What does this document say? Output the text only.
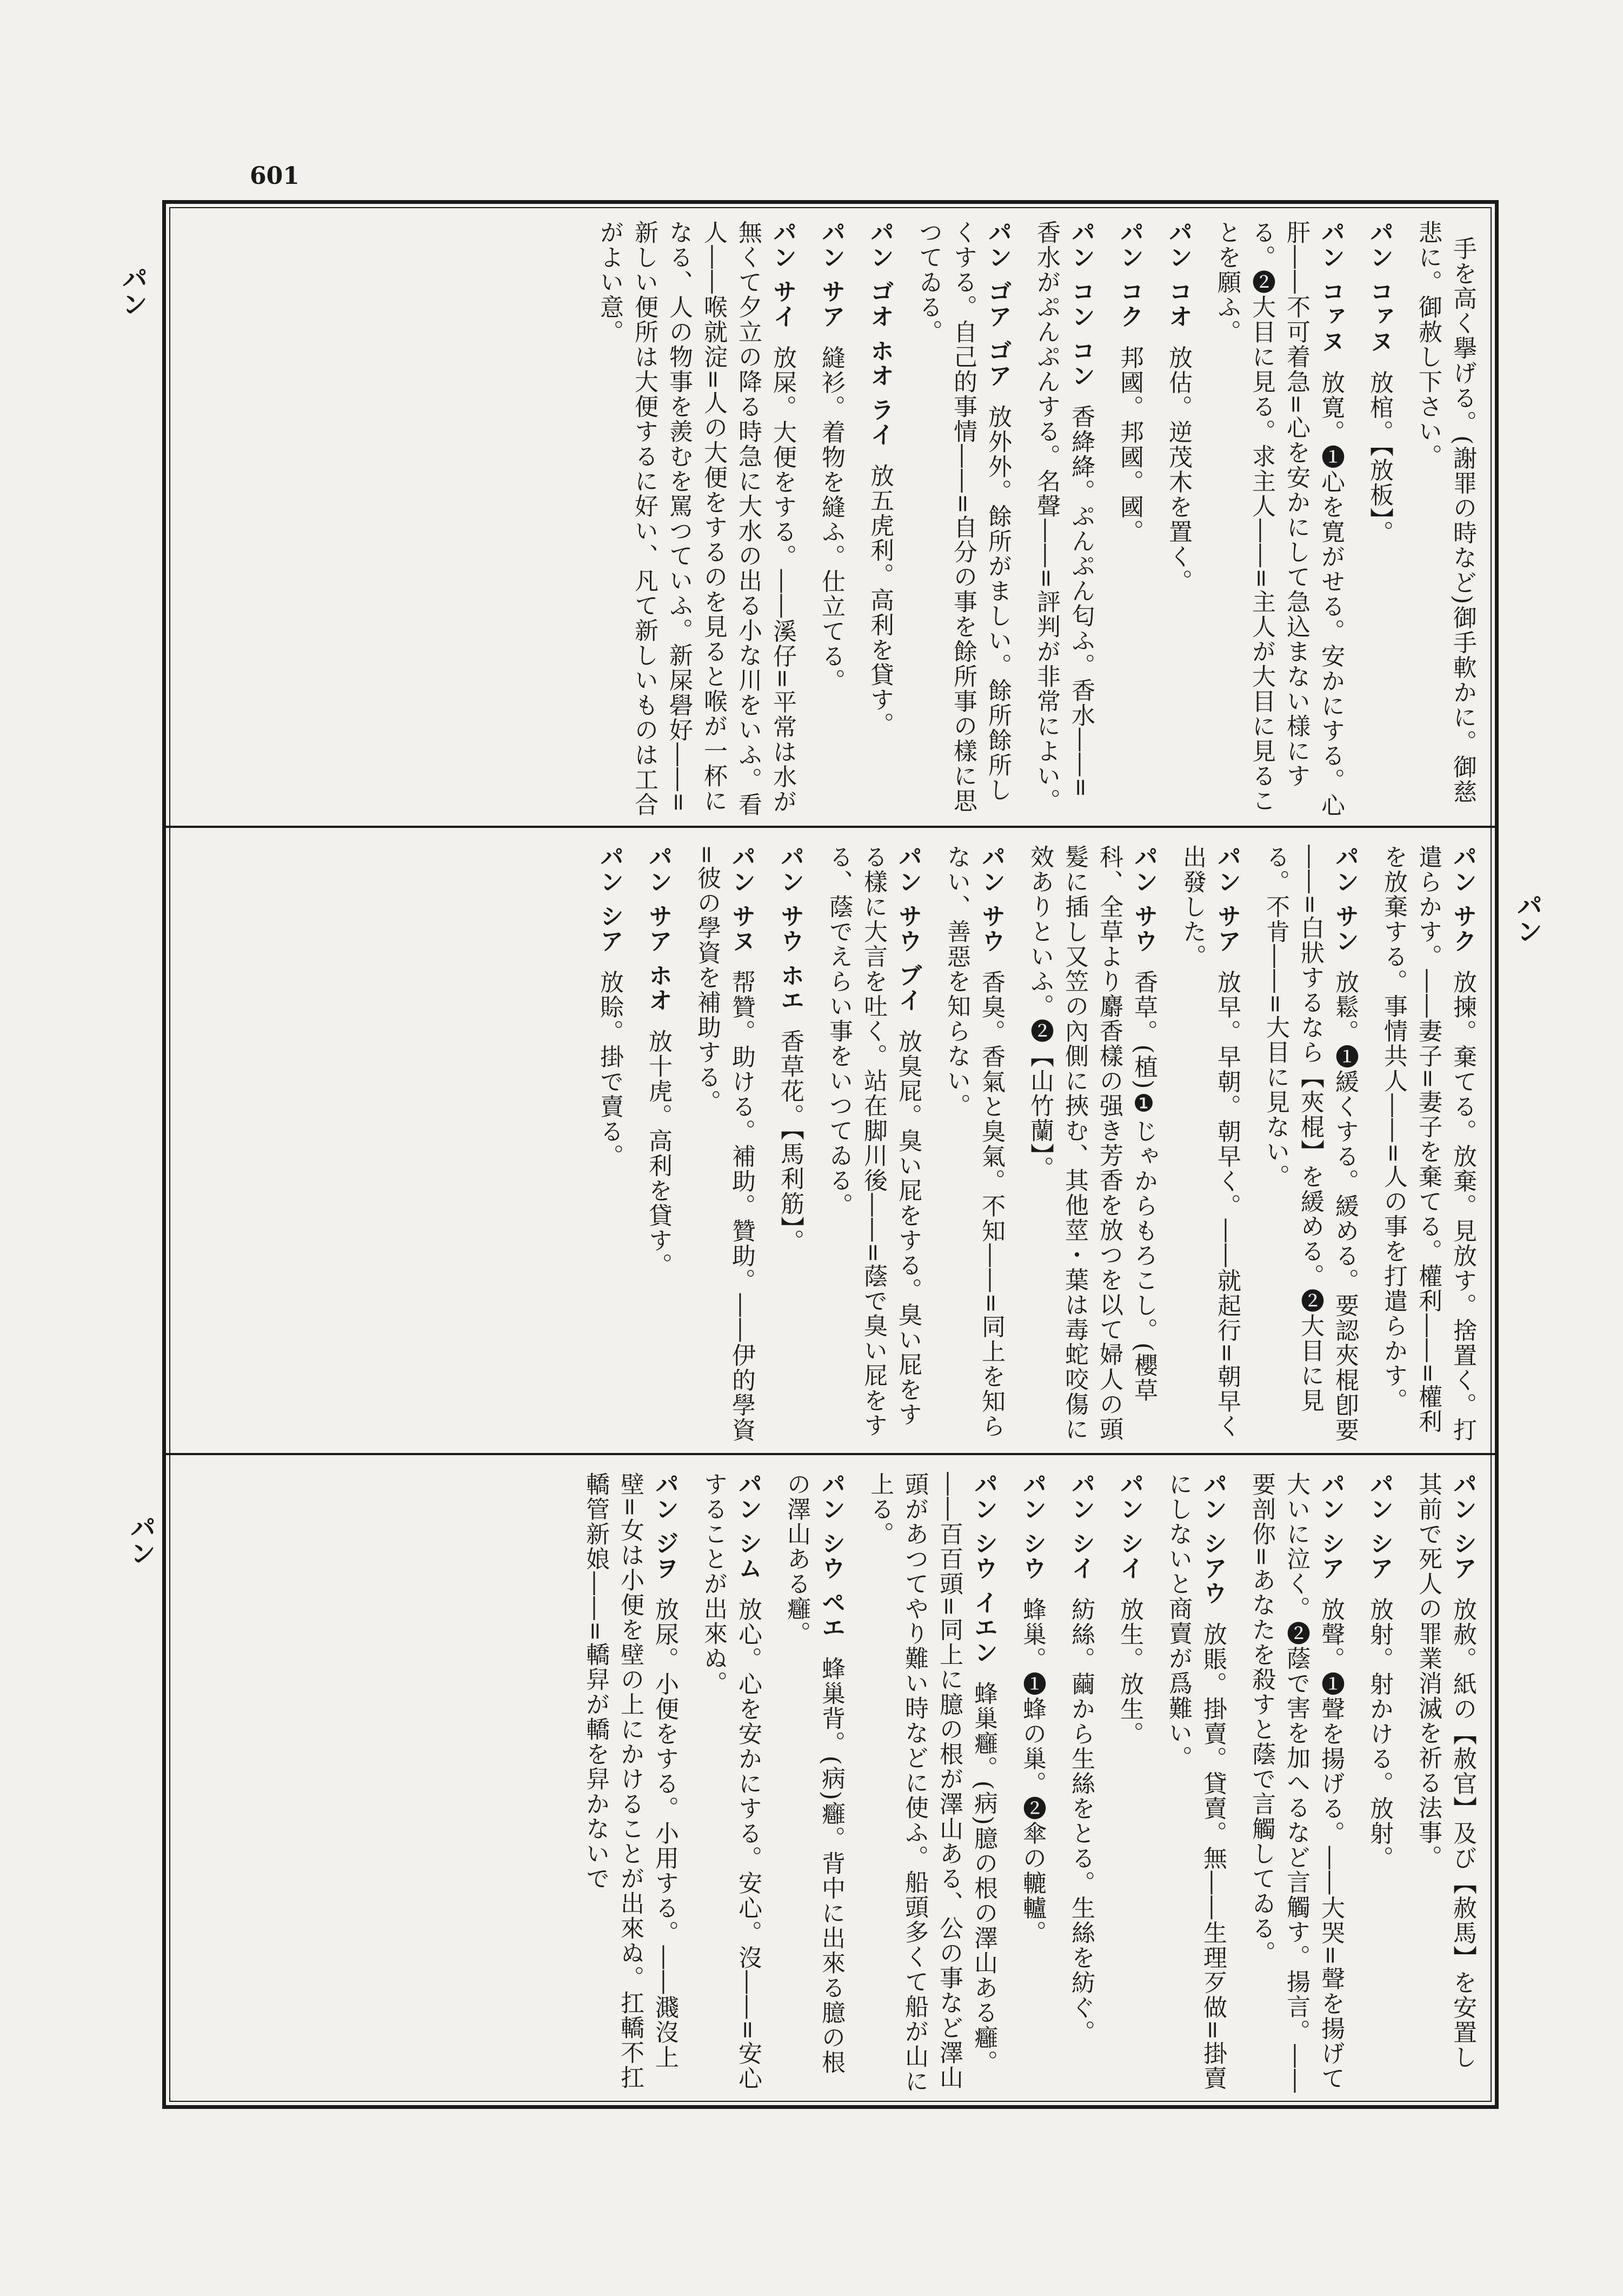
601
パン
パン
パン
手を高く擧げる。(謝罪の時など)御手軟かに。御慈悲に。御赦し下さい。
パン コァヌ放棺。【放板】。
パン コァヌ放寛。❶心を寛がせる。安かにする。心肝――不可着急=心を安かにして急込まない様にする。❷大目に見る。求主人――=主人が大目に見ることを願ふ。
パン コオ放估。逆茂木を置く。
パン コク邦國。邦國。國。
パン コン コン香絳絳。ぷんぷん匂ふ。香水――=香水がぷんぷんする。名聲――=評判が非常によい。
パン ゴア ゴア放外外。餘所がましい。餘所餘所しくする。自己的事情――=自分の事を餘所事の樣に思つてゐる。
パン ゴオ ホオ ライ放五虎利。高利を貸す。
パン サア縫衫。着物を縫ふ。仕立てる。
パン サイ放屎。大便をする。――溪仔=平常は水が無くて夕立の降る時急に大水の出る小な川をいふ。看人――喉就淀=人の大便をするのを見ると喉が一杯になる、人の物事を羨むを罵つていふ。新屎礐好――=新しい便所は大便するに好い、凡て新しいものは工合がよい意。
パン サク放揀。棄てる。放棄。見放す。捨置く。打遣らかす。――妻子=妻子を棄てる。權利――=權利を放棄する。事情共人――=人の事を打遣らかす。
パン サン放鬆。❶緩くする。緩める。要認夾棍卽要――=白狀するなら【夾棍】を緩める。❷大目に見る。不肯――=大目に見ない。
パン サア放早。早朝。朝早く。――就起行=朝早く出發した。
パン サウ香草。(植)❶じゃからもろこし。(櫻草科、全草より麝香樣の强き芳香を放つを以て婦人の頭髮に插し又笠の內側に挾む、其他莖・葉は毒蛇咬傷に效ありといふ。❷【山竹蘭】。
パン サウ香臭。香氣と臭氣。不知――=同上を知らない、善惡を知らない。
パン サウ ブイ放臭屁。臭い屁をする。臭い屁をする樣に大言を吐く。站在脚川後――=蔭で臭い屁をする、蔭でえらい事をいつてゐる。
パン サウ ホエ香草花。【馬利筋】。
パン サヌ帮贊。助ける。補助。贊助。――伊的學資=彼の學資を補助する。
パン サア ホオ放十虎。高利を貸す。
パン シア放賒。掛で賣る。
パン シア放赦。紙の【赦官】及び【赦馬】を安置し其前で死人の罪業消滅を祈る法事。
パン シア放射。射かける。放射。
パン シア放聲。❶聲を揚げる。――大哭=聲を揚げて大いに泣く。❷蔭で害を加へるなど言觸す。揚言。――要剖你=あなたを殺すと蔭で言觸してゐる。
パン シアウ放賬。掛賣。貸賣。無――生理歹做=掛賣にしないと商賣が爲難い。
パン シイ放生。放生。
パン シイ紡絲。繭から生絲をとる。生絲を紡ぐ。
パン シウ蜂巢。❶蜂の巢。❷傘の轆轤。
パン シウ イエン蜂巢癰。(病)臆の根の澤山ある癰。――百百頭=同上に臆の根が澤山ある、公の事など澤山頭があつてやり難い時などに使ふ。船頭多くて船が山に上る。
パン シウ ペエ蜂巢背。(病)癰。背中に出來る臆の根の澤山ある癰。
パン シム放心。心を安かにする。安心。沒――=安心することが出來ぬ。
パン ジヲ放尿。小便をする。小用する。――濺沒上壁=女は小便を壁の上にかけることが出來ぬ。扛轎不扛轎管新娘――=轎舁が轎を舁かないで
